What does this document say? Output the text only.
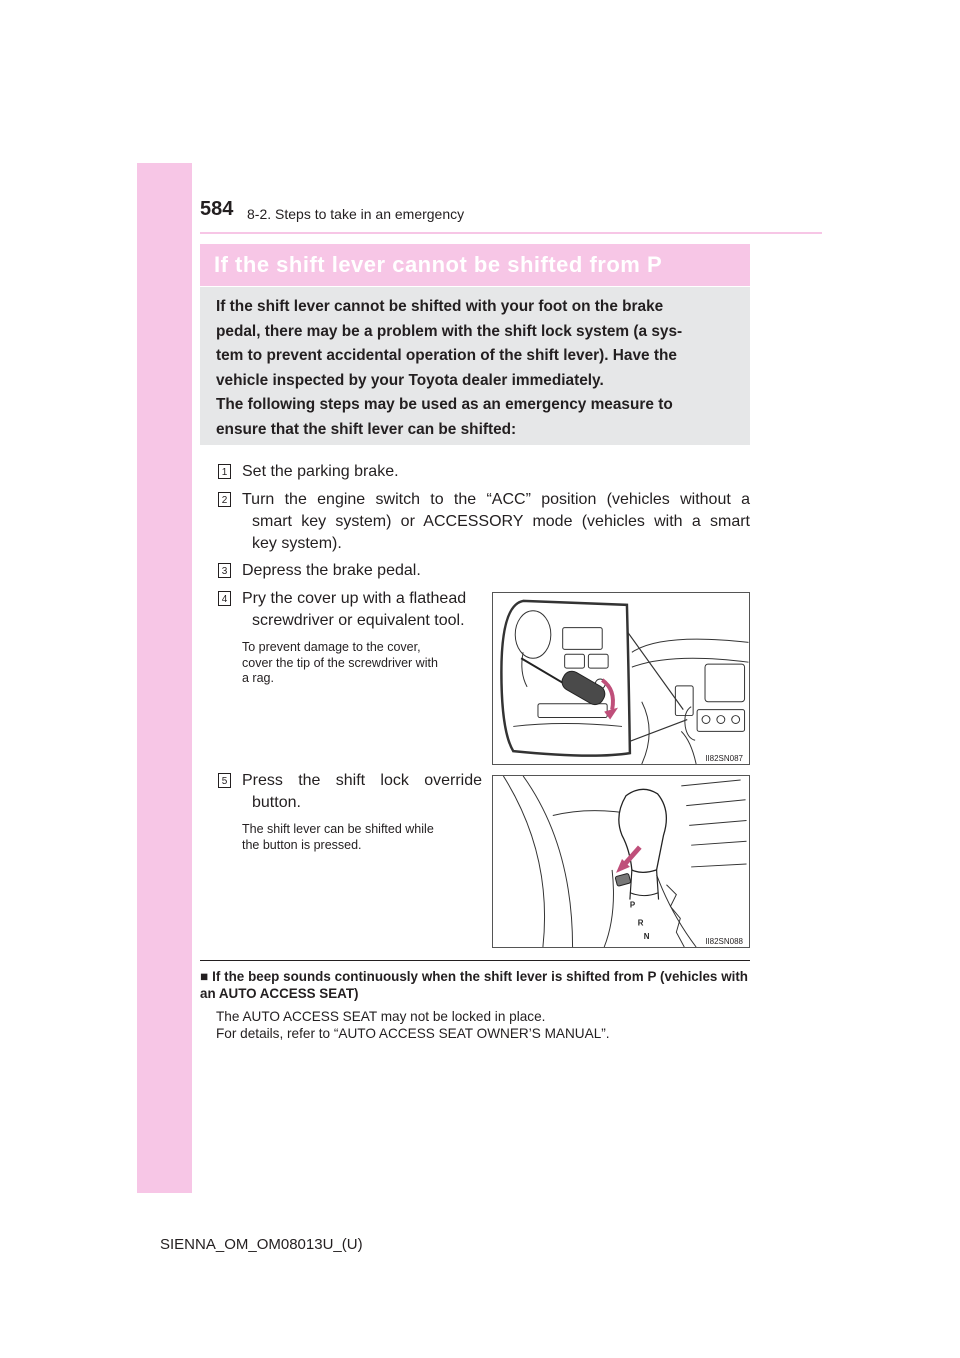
584 8-2. Steps to take in an emergency
If the shift lever cannot be shifted from P

If the shift lever cannot be shifted with your foot on the brake

pedal, there may be a problem with the shift lock system (a sys-

tem to prevent accidental operation of the shift lever). Have the

vehicle inspected by your Toyota dealer immediately.

The following steps may be used as an emergency measure to

ensure that the shift lever can be shifted:

1 Set the parking brake.
2 Turn the engine switch to the “ACC” position (vehicles without a
smart key system) or ACCESSORY mode (vehicles with a smart
key system).
3 Depress the brake pedal.
4 Pry the cover up with a flathead
screwdriver or equivalent tool.
To prevent damage to the cover,
cover the tip of the screwdriver with
a rag.
II82SN087
5 Press the shift lock override
button.
The shift lever can be shifted while
the button is pressed.
P
R
N
II82SN088
■ If the beep sounds continuously when the shift lever is shifted from P (vehicles with an AUTO ACCESS SEAT)
The AUTO ACCESS SEAT may not be locked in place.
For details, refer to “AUTO ACCESS SEAT OWNER’S MANUAL”.
SIENNA_OM_OM08013U_(U)
